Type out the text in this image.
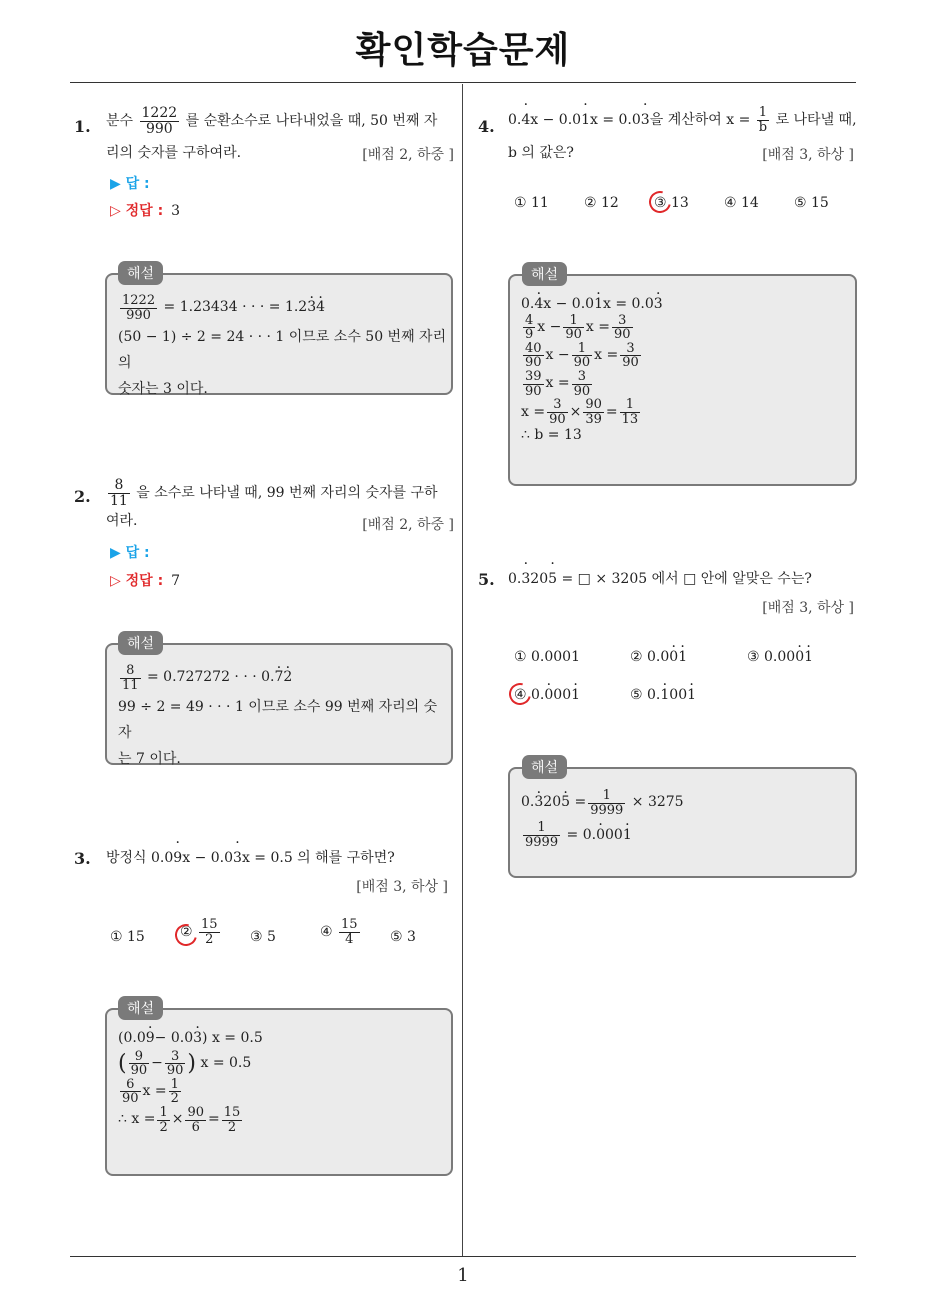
확인학습문제
1
1. 분수 $\frac{1222}{990}$ 를 순환소수로 나타내었을 때, 50 번째 자
리의 숫자를 구하여라.	[배점 2, 하중 ]
▶ 답 :
▷ 정답 : 3
해설
$\frac{1222}{990}$
= 1.23434 · · · = 1.2 3 · 4 ·
(50 − 1) ÷ 2 = 24 · · · 1 이므로 소수 50 번째 자리의
숫자는 3 이다.
2. $\frac{8}{11}$ 을 소수로 나타낼 때, 99 번째 자리의 숫자를 구하
여라.	[배점 2, 하중 ]
▶ 답 :
▷ 정답 : 7
해설
$\frac{8}{11}$
= 0.727272 · · · 0. 7 · 2 ·
99 ÷ 2 = 49 · · · 1 이므로 소수 99 번째 자리의 숫자
는 7 이다.
3. 방정식 0.09 ·x − 0.03 ·x = 0.5 의 해를 구하면?
[배점 3, 하상 ]
① 15	② $\frac{15}{2}$ ③ 5	④ $\frac{15}{4}$ ⑤ 3
해설
(0.0 9 · − 0.0 3 · ) x = 0.5
( $\frac{9}{90} - \frac{3}{90}$ )
x = 0.5
$\frac{6}{90}$ $x = \frac{1}{2}$
∴ $x = \frac{1}{2} \times \frac{90}{6} = \frac{15}{2}$
4. 0.4 ·x − 0.01 ·x = 0.03 ·을 계산하여 $x = \frac{1}{b}$ 로 나타낼 때,
b 의 값은?	[배점 3, 하상 ]
① 11	② 12	③ 13	④ 14	⑤ 15
해설
0. 4 · x − 0.0 1 · x = 0.0 3 ·
$\frac{4}{9}$ $x - \frac{1}{90}$ $x = \frac{3}{90}$
$\frac{40}{90}$ $x - \frac{1}{90}$ $x = \frac{3}{90}$
$\frac{39}{90}$ $x = \frac{3}{90}$
$x = \frac{3}{90} \times \frac{90}{39} = \frac{1}{13}$
∴ b = 13
5. 0.3 ·205 · = □ × 3205 에서 □ 안에 알맞은 수는?
[배점 3, 하상 ]
① 0.0001	② 0.00 ·1 ·	③ 0.000 ·1 ·
④ 0.0 ·001 ·	⑤ 0.1 ·001 ·
해설
0. 3 · 20 5 ·
= $\frac{1}{9999}$
× 3275
$\frac{1}{9999}$
= 0. 0 · 00 1 ·
